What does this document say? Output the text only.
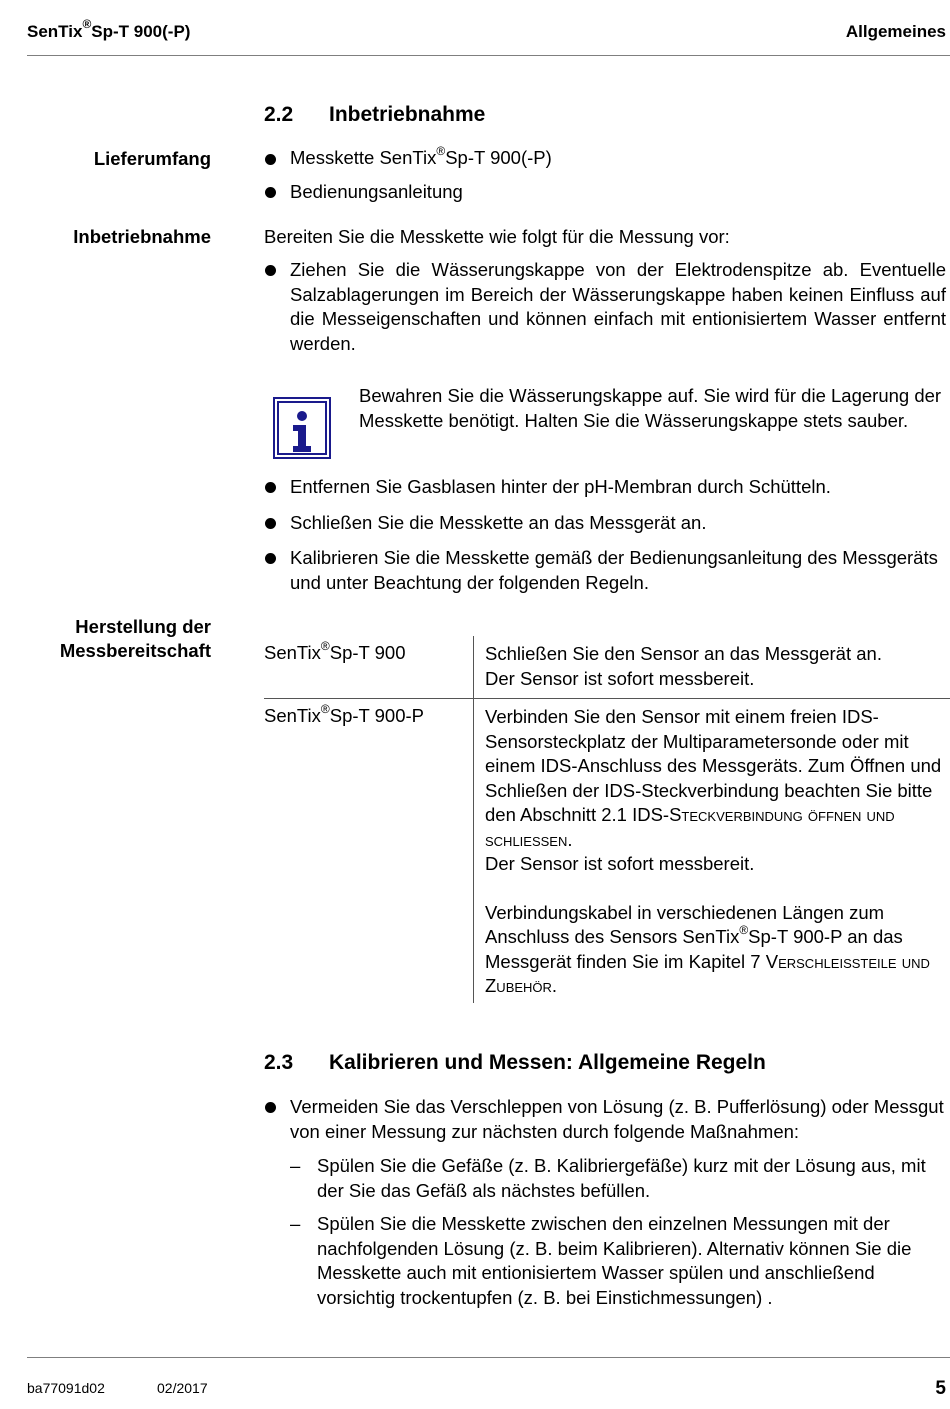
SenTix®Sp-T 900(-P)	Allgemeines
2.2 Inbetriebnahme
Lieferumfang	Messkette SenTix®Sp-T 900(-P)
Bedienungsanleitung
Inbetriebnahme	Bereiten Sie die Messkette wie folgt für die Messung vor:
Ziehen Sie die Wässerungskappe von der Elektrodenspitze ab. Eventuelle Salzablagerungen im Bereich der Wässerungskappe haben keinen Einfluss auf die Messeigenschaften und können einfach mit entionisiertem Wasser entfernt werden.
Bewahren Sie die Wässerungskappe auf. Sie wird für die Lagerung der Messkette benötigt. Halten Sie die Wässerungskappe stets sauber.
Entfernen Sie Gasblasen hinter der pH-Membran durch Schütteln.
Schließen Sie die Messkette an das Messgerät an.
Kalibrieren Sie die Messkette gemäß der Bedienungsanleitung des Messgeräts und unter Beachtung der folgenden Regeln.
Herstellung der
Messbereitschaft	SenTix®Sp-T 900	Schließen Sie den Sensor an das Messgerät an.
Der Sensor ist sofort messbereit.
SenTix®Sp-T 900-P	Verbinden Sie den Sensor mit einem freien IDS-Sensorsteckplatz der Multiparametersonde oder mit einem IDS-Anschluss des Messgeräts. Zum Öffnen und Schließen der IDS-Steckverbindung beachten Sie bitte den Abschnitt 2.1 IDS-Steckverbindung öffnen und schließen.
Der Sensor ist sofort messbereit.
Verbindungskabel in verschiedenen Längen zum Anschluss des Sensors SenTix®Sp-T 900-P an das Messgerät finden Sie im Kapitel 7 Verschleißteile und Zubehör.
2.3 Kalibrieren und Messen: Allgemeine Regeln
Vermeiden Sie das Verschleppen von Lösung (z. B. Pufferlösung) oder Messgut von einer Messung zur nächsten durch folgende Maßnahmen:
– Spülen Sie die Gefäße (z. B. Kalibriergefäße) kurz mit der Lösung aus, mit der Sie das Gefäß als nächstes befüllen.
– Spülen Sie die Messkette zwischen den einzelnen Messungen mit der nachfolgenden Lösung (z. B. beim Kalibrieren). Alternativ können Sie die Messkette auch mit entionisiertem Wasser spülen und anschließend vorsichtig trockentupfen (z. B. bei Einstichmessungen) .
ba77091d02	02/2017	5
